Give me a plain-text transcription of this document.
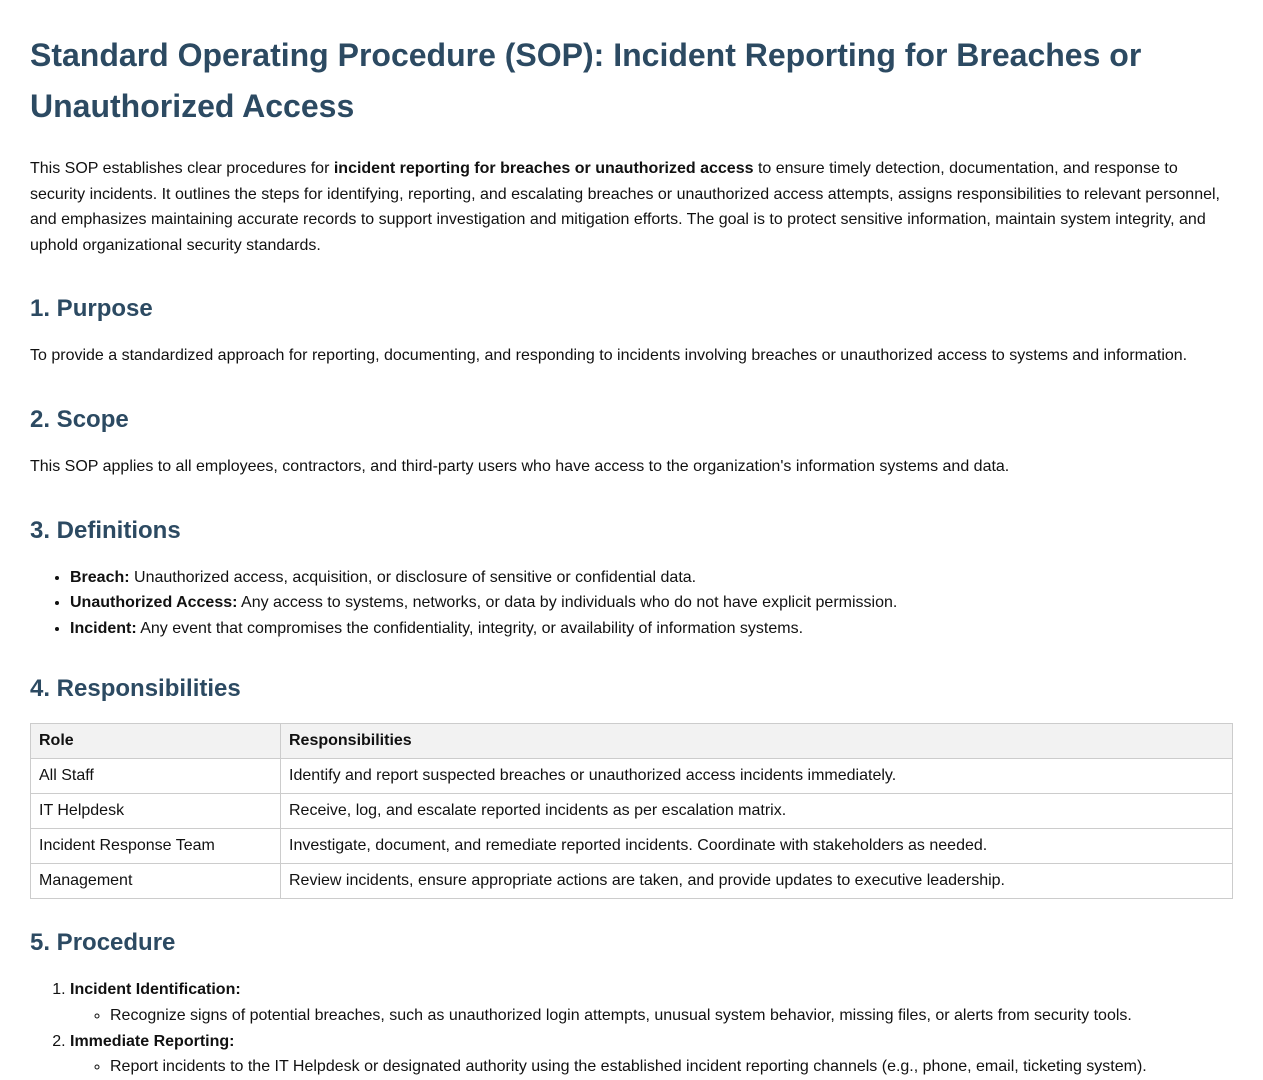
Standard Operating Procedure (SOP): Incident Reporting for Breaches or Unauthorized Access

This SOP establishes clear procedures for incident reporting for breaches or unauthorized access to ensure timely detection, documentation, and response to security incidents. It outlines the steps for identifying, reporting, and escalating breaches or unauthorized access attempts, assigns responsibilities to relevant personnel, and emphasizes maintaining accurate records to support investigation and mitigation efforts. The goal is to protect sensitive information, maintain system integrity, and uphold organizational security standards.

1. Purpose

To provide a standardized approach for reporting, documenting, and responding to incidents involving breaches or unauthorized access to systems and information.

2. Scope

This SOP applies to all employees, contractors, and third-party users who have access to the organization's information systems and data.

3. Definitions
• Breach: Unauthorized access, acquisition, or disclosure of sensitive or confidential data.
• Unauthorized Access: Any access to systems, networks, or data by individuals who do not have explicit permission.
• Incident: Any event that compromises the confidentiality, integrity, or availability of information systems.
4. Responsibilities
Role	Responsibilities
All Staff	Identify and report suspected breaches or unauthorized access incidents immediately.
IT Helpdesk	Receive, log, and escalate reported incidents as per escalation matrix.
Incident Response Team	Investigate, document, and remediate reported incidents. Coordinate with stakeholders as needed.
Management	Review incidents, ensure appropriate actions are taken, and provide updates to executive leadership.
5. Procedure
1. Incident Identification:
◦ Recognize signs of potential breaches, such as unauthorized login attempts, unusual system behavior, missing files, or alerts from security tools.
2. Immediate Reporting:
◦ Report incidents to the IT Helpdesk or designated authority using the established incident reporting channels (e.g., phone, email, ticketing system).
